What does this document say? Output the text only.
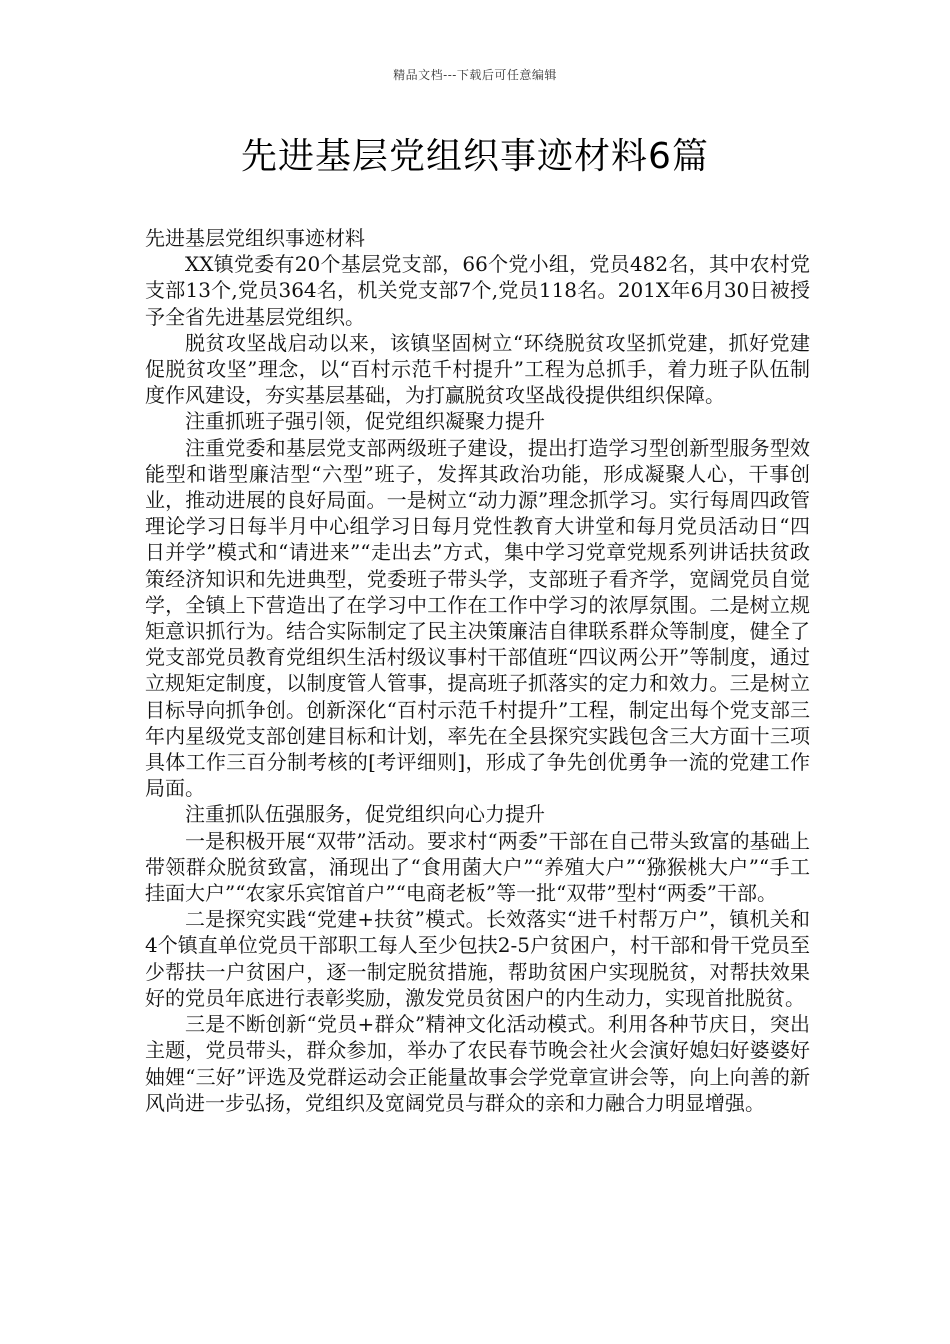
精品文档---下载后可任意编辑
先进基层党组织事迹材料6篇

先进基层党组织事迹材料

XX镇党委有20个基层党支部，66个党小组，党员482名，其中农村党支部13个,党员364名，机关党支部7个,党员118名。201X年6月30日被授予全省先进基层党组织。

脱贫攻坚战启动以来，该镇坚固树立“环绕脱贫攻坚抓党建，抓好党建促脱贫攻坚”理念，以“百村示范千村提升”工程为总抓手，着力班子队伍制度作风建设，夯实基层基础，为打赢脱贫攻坚战役提供组织保障。

注重抓班子强引领，促党组织凝聚力提升

注重党委和基层党支部两级班子建设，提出打造学习型创新型服务型效能型和谐型廉洁型“六型”班子，发挥其政治功能，形成凝聚人心，干事创业，推动进展的良好局面。一是树立“动力源”理念抓学习。实行每周四政管理论学习日每半月中心组学习日每月党性教育大讲堂和每月党员活动日“四日并学”模式和“请进来”“走出去”方式，集中学习党章党规系列讲话扶贫政策经济知识和先进典型，党委班子带头学，支部班子看齐学，宽阔党员自觉学，全镇上下营造出了在学习中工作在工作中学习的浓厚氛围。二是树立规矩意识抓行为。结合实际制定了民主决策廉洁自律联系群众等制度，健全了党支部党员教育党组织生活村级议事村干部值班“四议两公开”等制度，通过立规矩定制度，以制度管人管事，提高班子抓落实的定力和效力。三是树立目标导向抓争创。创新深化“百村示范千村提升”工程，制定出每个党支部三年内星级党支部创建目标和计划，率先在全县探究实践包含三大方面十三项具体工作三百分制考核的[考评细则]，形成了争先创优勇争一流的党建工作局面。

注重抓队伍强服务，促党组织向心力提升

一是积极开展“双带”活动。要求村“两委”干部在自己带头致富的基础上带领群众脱贫致富，涌现出了“食用菌大户”“养殖大户”“猕猴桃大户”“手工挂面大户”“农家乐宾馆首户”“电商老板”等一批“双带”型村“两委”干部。

二是探究实践“党建+扶贫”模式。长效落实“进千村帮万户”，镇机关和4个镇直单位党员干部职工每人至少包扶2-5户贫困户，村干部和骨干党员至少帮扶一户贫困户，逐一制定脱贫措施，帮助贫困户实现脱贫，对帮扶效果好的党员年底进行表彰奖励，激发党员贫困户的内生动力，实现首批脱贫。

三是不断创新“党员+群众”精神文化活动模式。利用各种节庆日，突出主题，党员带头，群众参加，举办了农民春节晚会社火会演好媳妇好婆婆好妯娌“三好”评选及党群运动会正能量故事会学党章宣讲会等，向上向善的新风尚进一步弘扬，党组织及宽阔党员与群众的亲和力融合力明显增强。
